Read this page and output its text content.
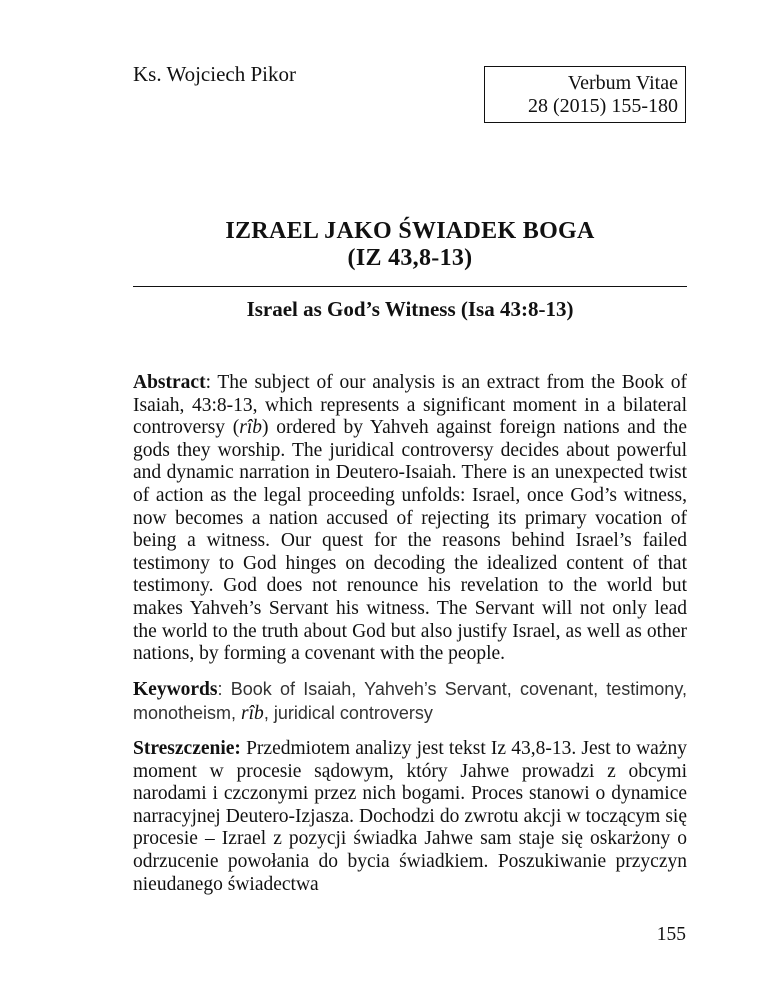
Ks. Wojciech Pikor	Verbum Vitae
28 (2015) 155-180
IZRAEL JAKO ŚWIADEK BOGA
(IZ 43,8-13)
Israel as God’s Witness (Isa 43:8-13)
Abstract: The subject of our analysis is an extract from the Book of Isaiah, 43:8-13, which represents a significant moment in a bilateral controversy (rîb) ordered by Yahveh against foreign nations and the gods they worship. The juridical controversy decides about powerful and dynamic narration in Deutero-Isaiah. There is an unexpected twist of action as the legal proceeding unfolds: Israel, once God’s witness, now becomes a nation accused of rejecting its primary vocation of being a witness. Our quest for the reasons behind Israel’s failed testimony to God hinges on decoding the idealized content of that testimony. God does not renounce his revelation to the world but makes Yahveh’s Servant his witness. The Servant will not only lead the world to the truth about God but also justify Israel, as well as other nations, by forming a covenant with the people.
Keywords: Book of Isaiah, Yahveh’s Servant, covenant, testimony, monotheism, rîb, juridical controversy
Streszczenie: Przedmiotem analizy jest tekst Iz 43,8-13. Jest to ważny moment w procesie sądowym, który Jahwe prowadzi z obcymi narodami i czczonymi przez nich bogami. Proces stanowi o dynamice narracyjnej Deutero-Izjasza. Dochodzi do zwrotu akcji w toczącym się procesie – Izrael z pozycji świadka Jahwe sam staje się oskarżony o odrzucenie powołania do bycia świadkiem. Poszukiwanie przyczyn nieudanego świadectwa
155
